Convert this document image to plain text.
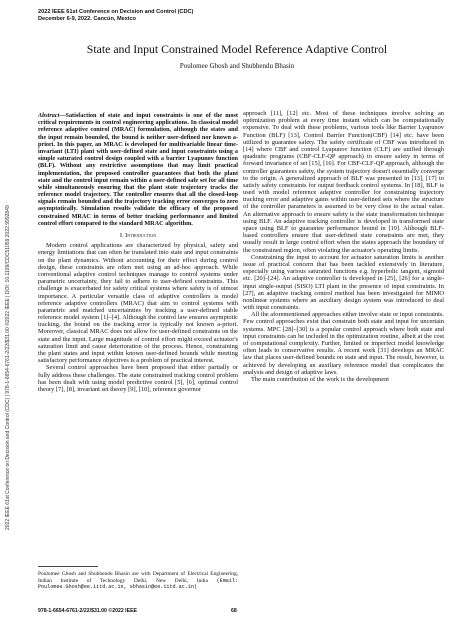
2022 IEEE 61st Conference on Decision and Control (CDC)
December 6-9, 2022. Cancún, Mexico
State and Input Constrained Model Reference Adaptive Control
Poulomee Ghosh and Shubhendu Bhasin
2022 IEEE 61st Conference on Decision and Control (CDC) | 978-1-6654-6761-2/22/$31.00 ©2022 IEEE | DOI: 10.1109/CDC51059.2022.9992849

Abstract—Satisfaction of state and input constraints is one of the most critical requirements in control engineering applications. In classical model reference adaptive control (MRAC) formulation, although the states and the input remain bounded, the bound is neither user-defined nor known a-priori. In this paper, an MRAC is developed for multivariable linear time-invariant (LTI) plant with user-defined state and input constraints using a simple saturated control design coupled with a barrier Lyapunov function (BLF). Without any restrictive assumptions that may limit practical implementation, the proposed controller guarantees that both the plant state and the control input remain within a user-defined safe set for all time while simultaneously ensuring that the plant state trajectory tracks the reference model trajectory. The controller ensures that all the closed-loop signals remain bounded and the trajectory tracking error converges to zero asymptotically. Simulation results validate the efficacy of the proposed constrained MRAC in terms of better tracking performance and limited control effort compared to the standard MRAC algorithm.

I. Introduction

Modern control applications are characterized by physical, safety and energy limitations that can often be translated into state and input constraints on the plant dynamics. Without accounting for their effect during control design, these constraints are often met using an ad-hoc approach. While conventional adaptive control techniques manage to control systems under parametric uncertainty, they fail to adhere to user-defined constraints. This challenge is exacerbated for safety critical systems where safety is of utmost importance. A particular versatile class of adaptive controllers is model reference adaptive controllers (MRAC) that aim to control systems with parametric and matched uncertainties by tracking a user-defined stable reference model system [1]–[4]. Although the control law ensures asymptotic tracking, the bound on the tracking error is typically not known a-priori. Moreover, classical MRAC does not allow for user-defined constraints on the state and the input. Large magnitude of control effort might exceed actuator's saturation limit and cause deterioration of the process. Hence, constraining the plant states and input within known user-defined bounds while meeting satisfactory performance objectives is a problem of practical interest.

Several control approaches have been proposed that either partially or fully address these challenges. The state constrained tracking control problem has been dealt with using model predictive control [5], [6], optimal control theory [7], [8], invariant set theory [9], [10], reference governor

approach [11], [12] etc. Most of these techniques involve solving an optimization problem at every time instant which can be computationally expensive. To deal with these problems, various tools like Barrier Lyapunov Function (BLF) [13], Control Barrier Function(CBF) [14] etc. have been utilized to guarantee safety. The safety certificate of CBF was introduced in [14] where CBF and control Lyapunov function (CLF) are unified through quadratic programs (CBF-CLF-QP approach) to ensure safety in terms of forward invariance of set [15], [16]. For CBF-CLF-QP approach, although the controller guarantees safety, the system trajectory doesn't essentially converge to the origin. A generalized approach of BLF was presented in [13], [17] to satisfy safety constraints for output feedback control systems. In [18], BLF is used with model reference adaptive controller for constraining trajectory tracking error and adaptive gains within user-defined sets where the structure of the controller parameters is assumed to be very close to the actual value. An alternative approach to ensure safety is the state transformation technique using BLF. An adaptive tracking controller is developed in transformed state space using BLF to guarantee performance bound in [19]. Although BLF-based controllers ensure that user-defined state constraints are met, they usually result in large control effort when the states approach the boundary of the constrained region, often violating the actuator's operating limits.

Constraining the input to account for actuator saturation limits is another issue of practical concern that has been tackled extensively in literature, especially using various saturated functions e.g. hyperbolic tangent, sigmoid etc. [20]–[24]. An adaptive controller is developed in [25], [26] for a single-input single-output (SISO) LTI plant in the presence of input constraints. In [27], an adaptive tracking control method has been investigated for MIMO nonlinear systems where an auxiliary design system was introduced to deal with input constraints.

All the aforementioned approaches either involve state or input constraints. Few control approaches exist that constrain both state and input for uncertain systems. MPC [28]–[30] is a popular control approach where both state and input constraints can be included in the optimization routine, albeit at the cost of computational complexity. Further, limited or imperfect model knowledge often leads to conservative results. A recent work [31] develops an MRAC law that places user-defined bounds on state and input. The result, however, is achieved by developing an auxiliary reference model that complicates the analysis and design of adaptive laws.

The main contribution of the work is the development

Poulomee Ghosh and Shubhendu Bhasin are with Department of Electrical Engineering, Indian Institute of Technology Delhi, New Delhi, India (Email: Poulomee.Ghosh@ee.iitd.ac.in, sbhasin@ee.iitd.ac.in)
978-1-6654-6761-2/22/$31.00 ©2022 IEEE	68
